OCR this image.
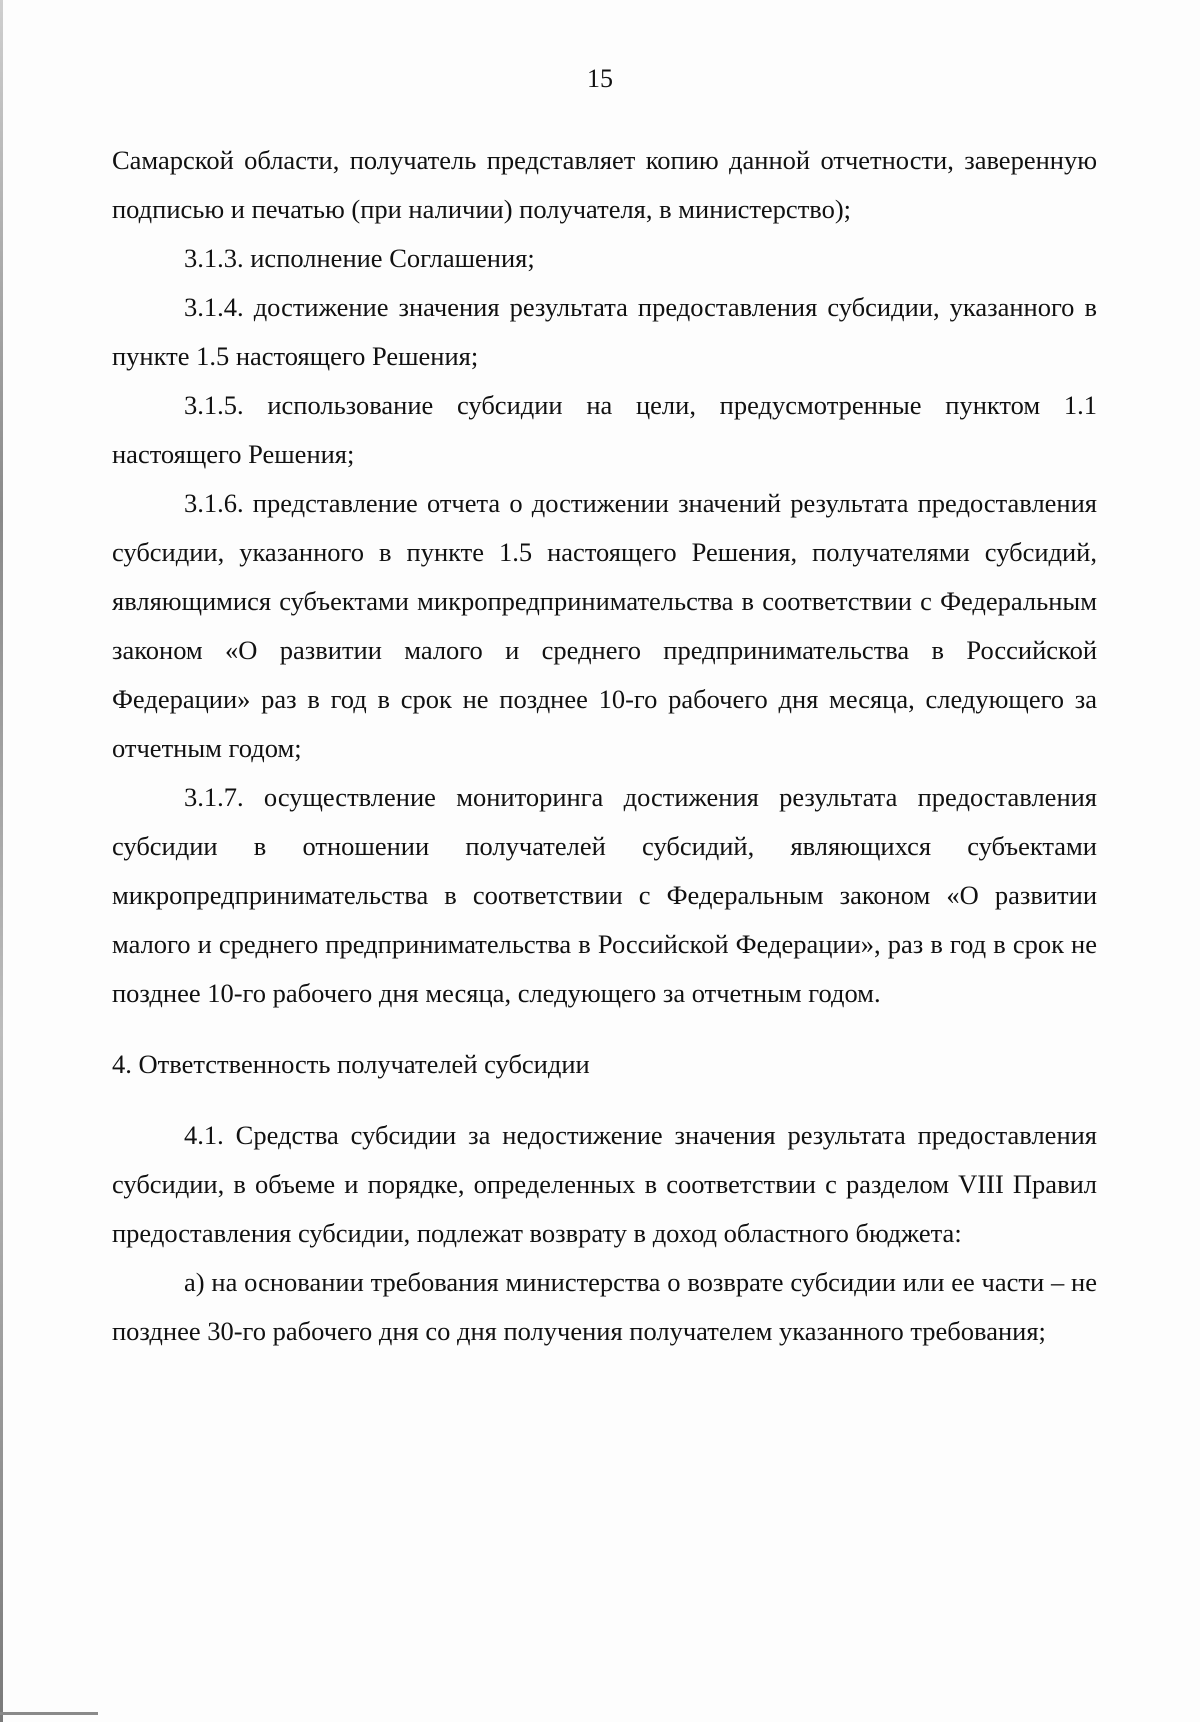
15

Самарской области, получатель представляет копию данной отчетности, заверенную подписью и печатью (при наличии) получателя, в министерство);

3.1.3. исполнение Соглашения;

3.1.4. достижение значения результата предоставления субсидии, указанного в пункте 1.5 настоящего Решения;

3.1.5. использование субсидии на цели, предусмотренные пунктом 1.1 настоящего Решения;

3.1.6. представление отчета о достижении значений результата предоставления субсидии, указанного в пункте 1.5 настоящего Решения, получателями субсидий, являющимися субъектами микропредпринимательства в соответствии с Федеральным законом «О развитии малого и среднего предпринимательства в Российской Федерации» раз в год в срок не позднее 10-го рабочего дня месяца, следующего за отчетным годом;

3.1.7. осуществление мониторинга достижения результата предоставления субсидии в отношении получателей субсидий, являющихся субъектами микропредпринимательства в соответствии с Федеральным законом «О развитии малого и среднего предпринимательства в Российской Федерации», раз в год в срок не позднее 10-го рабочего дня месяца, следующего за отчетным годом.

4. Ответственность получателей субсидии

4.1. Средства субсидии за недостижение значения результата предоставления субсидии, в объеме и порядке, определенных в соответствии с разделом VIII Правил предоставления субсидии, подлежат возврату в доход областного бюджета:

а) на основании требования министерства о возврате субсидии или ее части – не позднее 30-го рабочего дня со дня получения получателем указанного требования;
